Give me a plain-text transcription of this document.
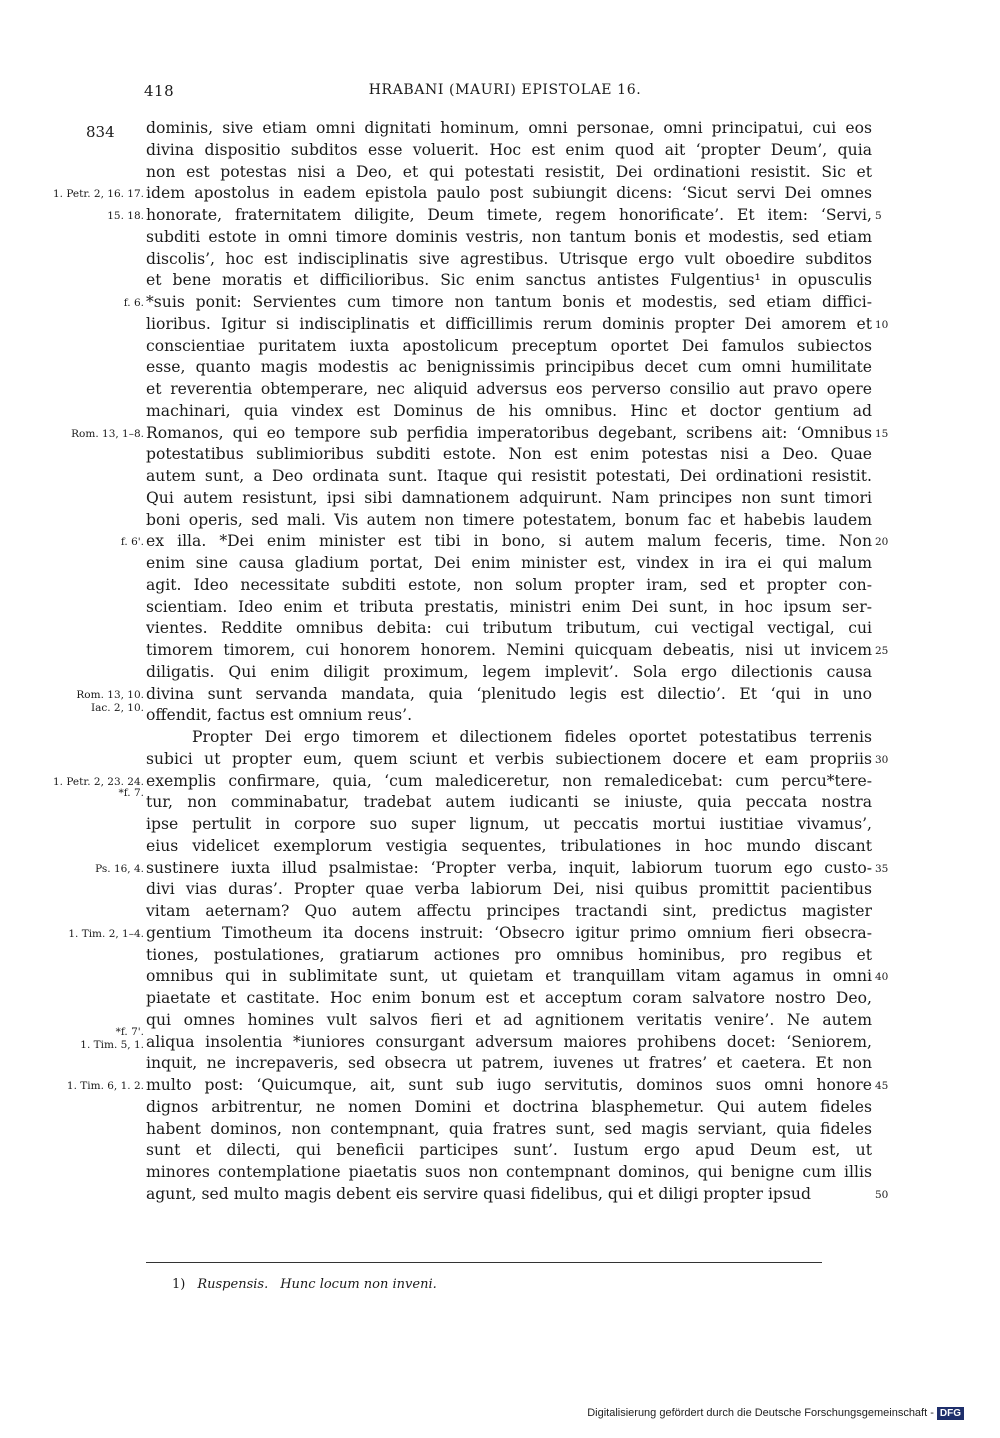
418	HRABANI (MAURI) EPISTOLAE 16.
834 dominis, sive etiam omni dignitati hominum, omni personae, omni principatui, cui eos
divina dispositio subditos esse voluerit. Hoc est enim quod ait ‘propter Deum’, quia
non est potestas nisi a Deo, et qui potestati resistit, Dei ordinationi resistit. Sic et
idem apostolus in eadem epistola paulo post subiungit dicens: ‘Sicut servi Dei omnes
honorate, fraternitatem diligite, Deum timete, regem honorificate’. Et item: ‘Servi,
subditi estote in omni timore dominis vestris, non tantum bonis et modestis, sed etiam
discolis’, hoc est indisciplinatis sive agrestibus. Utrisque ergo vult oboedire subditos
et bene moratis et difficilioribus. Sic enim sanctus antistes Fulgentius¹ in opusculis
*suis ponit: Servientes cum timore non tantum bonis et modestis, sed etiam diffici-
lioribus. Igitur si indisciplinatis et difficillimis rerum dominis propter Dei amorem et
conscientiae puritatem iuxta apostolicum preceptum oportet Dei famulos subiectos
esse, quanto magis modestis ac benignissimis principibus decet cum omni humilitate
et reverentia obtemperare, nec aliquid adversus eos perverso consilio aut pravo opere
machinari, quia vindex est Dominus de his omnibus. Hinc et doctor gentium ad
Romanos, qui eo tempore sub perfidia imperatoribus degebant, scribens ait: ‘Omnibus
potestatibus sublimioribus subditi estote. Non est enim potestas nisi a Deo. Quae
autem sunt, a Deo ordinata sunt. Itaque qui resistit potestati, Dei ordinationi resistit.
Qui autem resistunt, ipsi sibi damnationem adquirunt. Nam principes non sunt timori
boni operis, sed mali. Vis autem non timere potestatem, bonum fac et habebis laudem
ex illa. *Dei enim minister est tibi in bono, si autem malum feceris, time. Non
enim sine causa gladium portat, Dei enim minister est, vindex in ira ei qui malum
agit. Ideo necessitate subditi estote, non solum propter iram, sed et propter con-
scientiam. Ideo enim et tributa prestatis, ministri enim Dei sunt, in hoc ipsum ser-
vientes. Reddite omnibus debita: cui tributum tributum, cui vectigal vectigal, cui
timorem timorem, cui honorem honorem. Nemini quicquam debeatis, nisi ut invicem
diligatis. Qui enim diligit proximum, legem implevit’. Sola ergo dilectionis causa
divina sunt servanda mandata, quia ‘plenitudo legis est dilectio’. Et ‘qui in uno
offendit, factus est omnium reus’.
Propter Dei ergo timorem et dilectionem fideles oportet potestatibus terrenis
subici ut propter eum, quem sciunt et verbis subiectionem docere et eam propriis
exemplis confirmare, quia, ‘cum malediceretur, non remaledicebat: cum percu*tere-
tur, non comminabatur, tradebat autem iudicanti se iniuste, quia peccata nostra
ipse pertulit in corpore suo super lignum, ut peccatis mortui iustitiae vivamus’,
eius videlicet exemplorum vestigia sequentes, tribulationes in hoc mundo discant
sustinere iuxta illud psalmistae: ‘Propter verba, inquit, labiorum tuorum ego custo-
divi vias duras’. Propter quae verba labiorum Dei, nisi quibus promittit pacientibus
vitam aeternam? Quo autem affectu principes tractandi sint, predictus magister
gentium Timotheum ita docens instruit: ‘Obsecro igitur primo omnium fieri obsecra-
tiones, postulationes, gratiarum actiones pro omnibus hominibus, pro regibus et
omnibus qui in sublimitate sunt, ut quietam et tranquillam vitam agamus in omni
piaetate et castitate. Hoc enim bonum est et acceptum coram salvatore nostro Deo,
qui omnes homines vult salvos fieri et ad agnitionem veritatis venire’. Ne autem
aliqua insolentia *iuniores consurgant adversum maiores prohibens docet: ‘Seniorem,
inquit, ne increpaveris, sed obsecra ut patrem, iuvenes ut fratres’ et caetera. Et non
multo post: ‘Quicumque, ait, sunt sub iugo servitutis, dominos suos omni honore
dignos arbitrentur, ne nomen Domini et doctrina blasphemetur. Qui autem fideles
habent dominos, non contempnant, quia fratres sunt, sed magis serviant, quia fideles
sunt et dilecti, qui beneficii participes sunt’. Iustum ergo apud Deum est, ut
minores contemplatione piaetatis suos non contempnant dominos, qui benigne cum illis
agunt, sed multo magis debent eis servire quasi fidelibus, qui et diligi propter ipsud
1. Petr. 2, 16. 17.
15. 18.
f. 6.
Rom. 13, 1–8.
f. 6'.
Rom. 13, 10.
Iac. 2, 10.
1. Petr. 2, 23. 24.
*f. 7.
Ps. 16, 4.
1. Tim. 2, 1–4.
*f. 7'.
1. Tim. 5, 1.
1. Tim. 6, 1. 2.
5
10
15
20
25
30
35
40
45
50
1) Ruspensis. Hunc locum non inveni.
Digitalisierung gefördert durch die Deutsche Forschungsgemeinschaft - DFG
